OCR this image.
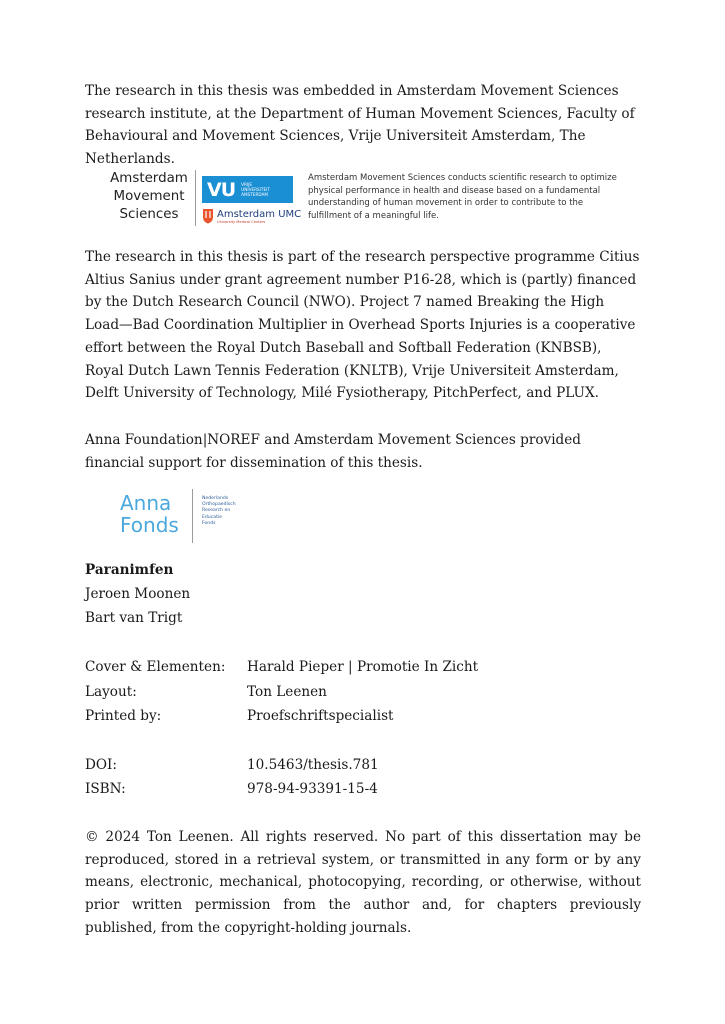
The research in this thesis was embedded in Amsterdam Movement Sciences research institute, at the Department of Human Movement Sciences, Faculty of Behavioural and Movement Sciences, Vrije Universiteit Amsterdam, The Netherlands.

Amsterdam
Movement
Sciences
VU VRIJE
UNIVERSITEIT
AMSTERDAM
Amsterdam UMC
University Medical Centers
Amsterdam Movement Sciences conducts scientific research to optimize physical performance in health and disease based on a fundamental understanding of human movement in order to contribute to the fulfillment of a meaningful life.

The research in this thesis is part of the research perspective programme Citius Altius Sanius under grant agreement number P16-28, which is (partly) financed by the Dutch Research Council (NWO). Project 7 named Breaking the High Load—Bad Coordination Multiplier in Overhead Sports Injuries is a cooperative effort between the Royal Dutch Baseball and Softball Federation (KNBSB), Royal Dutch Lawn Tennis Federation (KNLTB), Vrije Universiteit Amsterdam, Delft University of Technology, Milé Fysiotherapy, PitchPerfect, and PLUX.

Anna Foundation|NOREF and Amsterdam Movement Sciences provided financial support for dissemination of this thesis.

Anna
Fonds
Nederlands
Orthopaedisch
Research en
Educatie
Fonds

Paranimfen

Jeroen Moonen
Bart van Trigt
Cover & Elementen: Harald Pieper | Promotie In Zicht
Layout:	Ton Leenen
Printed by:	Proefschriftspecialist
DOI:	10.5463/thesis.781
ISBN:	978-94-93391-15-4

© 2024 Ton Leenen. All rights reserved. No part of this dissertation may be reproduced, stored in a retrieval system, or transmitted in any form or by any means, electronic, mechanical, photocopying, recording, or otherwise, without prior written permission from the author and, for chapters previously published, from the copyright-holding journals.
